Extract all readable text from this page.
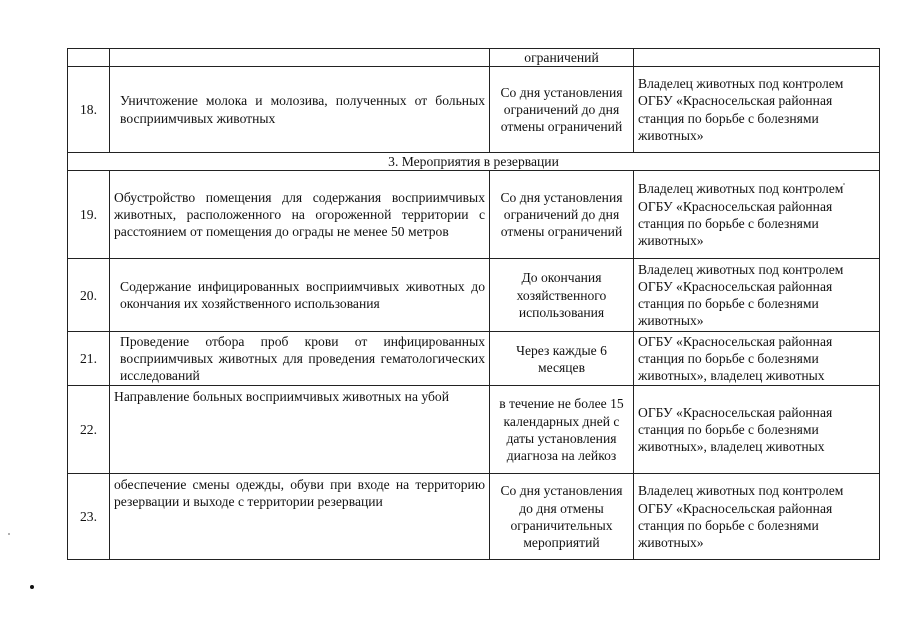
		ограничений	
18.	Уничтожение молока и молозива, полученных от больных восприимчивых животных	Со дня установления ограничений до дня отмены ограничений	Владелец животных под контролем ОГБУ «Красносельская районная станция по борьбе с болезнями животных»
3. Мероприятия в резервации			
19.	Обустройство помещения для содержания восприимчивых животных, расположенного на огороженной территории с расстоянием от помещения до ограды не менее 50 метров	Со дня установления ограничений до дня отмены ограничений	Владелец животных под контролем ОГБУ «Красносельская районная станция по борьбе с болезнями животных»
20.	Содержание инфицированных восприимчивых животных до окончания их хозяйственного использования	До окончания хозяйственного использования	Владелец животных под контролем ОГБУ «Красносельская районная станция по борьбе с болезнями животных»
21.	Проведение отбора проб крови от инфицированных восприимчивых животных для проведения гематологических исследований	Через каждые 6 месяцев	ОГБУ «Красносельская районная станция по борьбе с болезнями животных», владелец животных
22.	Направление больных восприимчивых животных на убой	в течение не более 15 календарных дней с даты установления диагноза на лейкоз	ОГБУ «Красносельская районная станция по борьбе с болезнями животных», владелец животных
23.	обеспечение смены одежды, обуви при входе на территорию резервации и выходе с территории резервации	Со дня установления до дня отмены ограничительных мероприятий	Владелец животных под контролем ОГБУ «Красносельская районная станция по борьбе с болезнями животных»
